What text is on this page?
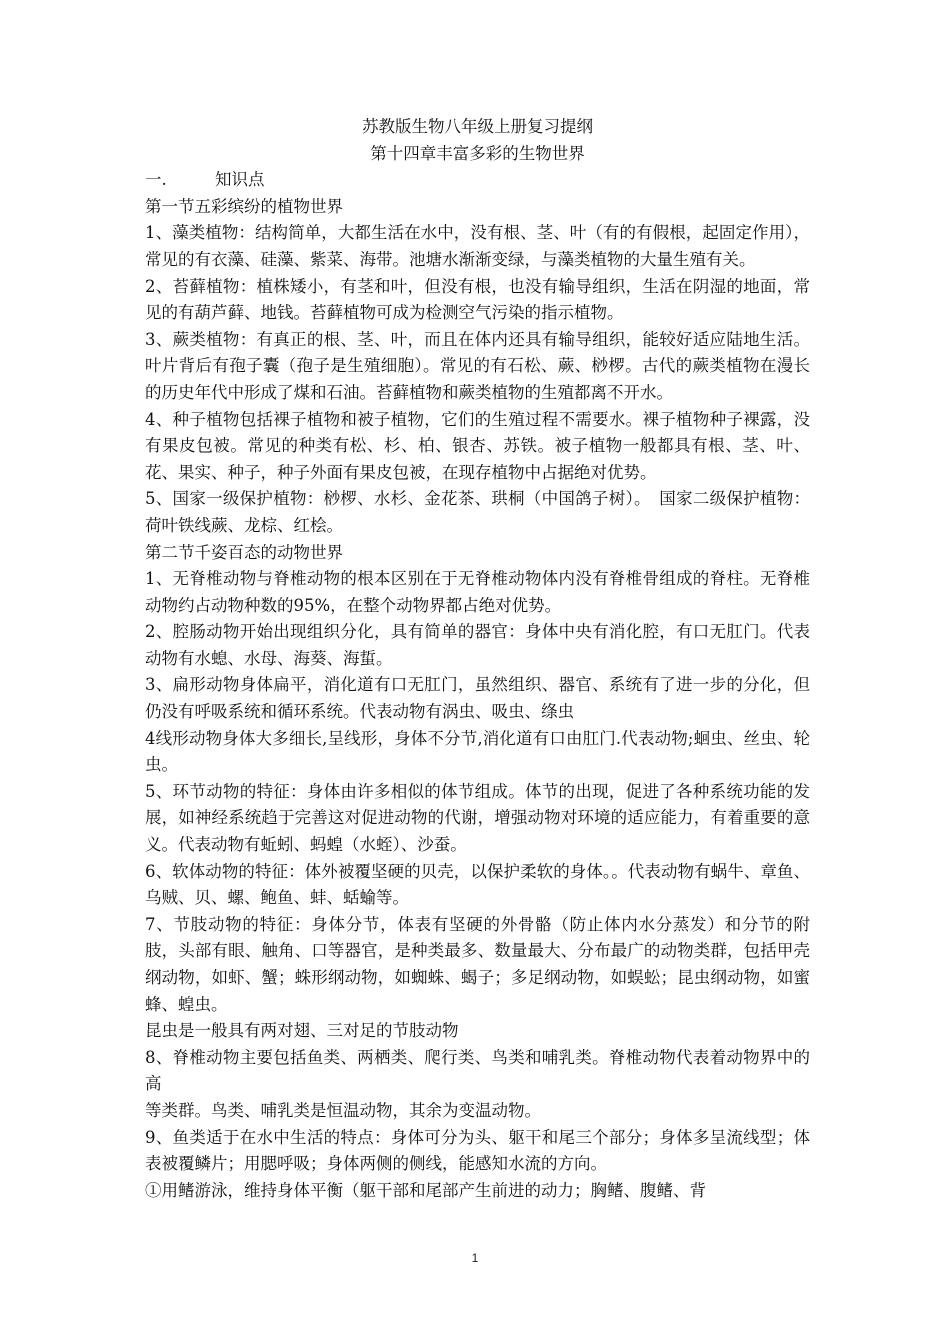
苏教版生物八年级上册复习提纲

第十四章丰富多彩的生物世界

一.	知识点

第一节五彩缤纷的植物世界

1、藻类植物：结构简单，大都生活在水中，没有根、茎、叶（有的有假根，起固定作用），常见的有衣藻、硅藻、紫菜、海带。池塘水渐渐变绿，与藻类植物的大量生殖有关。

2、苔藓植物：植株矮小，有茎和叶，但没有根，也没有输导组织，生活在阴湿的地面，常见的有葫芦藓、地钱。苔藓植物可成为检测空气污染的指示植物。

3、蕨类植物：有真正的根、茎、叶，而且在体内还具有输导组织，能较好适应陆地生活。叶片背后有孢子囊（孢子是生殖细胞）。常见的有石松、蕨、桫椤。古代的蕨类植物在漫长的历史年代中形成了煤和石油。苔藓植物和蕨类植物的生殖都离不开水。

4、种子植物包括裸子植物和被子植物，它们的生殖过程不需要水。裸子植物种子裸露，没有果皮包被。常见的种类有松、杉、柏、银杏、苏铁。被子植物一般都具有根、茎、叶、花、果实、种子，种子外面有果皮包被，在现存植物中占据绝对优势。

5、国家一级保护植物：桫椤、水杉、金花茶、珙桐（中国鸽子树）。　国家二级保护植物：荷叶铁线蕨、龙棕、红桧。

第二节千姿百态的动物世界

1、无脊椎动物与脊椎动物的根本区别在于无脊椎动物体内没有脊椎骨组成的脊柱。无脊椎动物约占动物种数的95%，在整个动物界都占绝对优势。

2、腔肠动物开始出现组织分化，具有简单的器官：身体中央有消化腔，有口无肛门。代表动物有水螅、水母、海葵、海蜇。

3、扁形动物身体扁平，消化道有口无肛门，虽然组织、器官、系统有了进一步的分化，但仍没有呼吸系统和循环系统。代表动物有涡虫、吸虫、绦虫

4线形动物身体大多细长,呈线形，身体不分节,消化道有口由肛门.代表动物;蛔虫、丝虫、轮虫。

5、环节动物的特征：身体由许多相似的体节组成。体节的出现，促进了各种系统功能的发展，如神经系统趋于完善这对促进动物的代谢，增强动物对环境的适应能力，有着重要的意义。代表动物有蚯蚓、蚂蝗（水蛭）、沙蚕。

6、软体动物的特征：体外被覆坚硬的贝壳，以保护柔软的身体。。代表动物有蜗牛、章鱼、乌贼、贝、螺、鲍鱼、蚌、蛞蝓等。

7、节肢动物的特征：身体分节，体表有坚硬的外骨骼（防止体内水分蒸发）和分节的附肢，头部有眼、触角、口等器官，是种类最多、数量最大、分布最广的动物类群，包括甲壳纲动物，如虾、蟹；蛛形纲动物，如蜘蛛、蝎子；多足纲动物，如蜈蚣；昆虫纲动物，如蜜蜂、蝗虫。

昆虫是一般具有两对翅、三对足的节肢动物

8、脊椎动物主要包括鱼类、两栖类、爬行类、鸟类和哺乳类。脊椎动物代表着动物界中的高

等类群。鸟类、哺乳类是恒温动物，其余为变温动物。

9、鱼类适于在水中生活的特点：身体可分为头、躯干和尾三个部分；身体多呈流线型；体表被覆鳞片；用腮呼吸；身体两侧的侧线，能感知水流的方向。

①用鳍游泳，维持身体平衡（躯干部和尾部产生前进的动力；胸鳍、腹鳍、背

1
